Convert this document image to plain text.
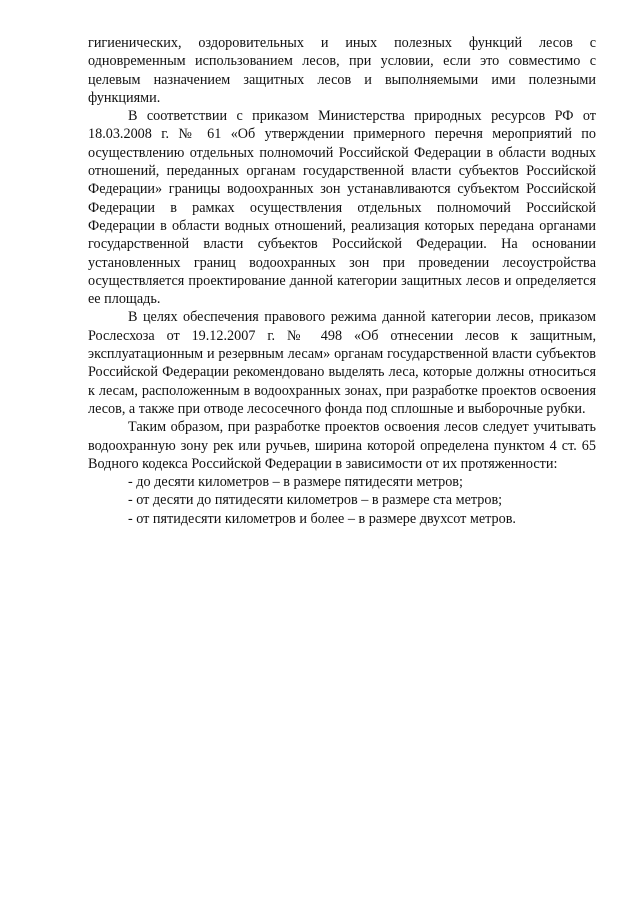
гигиенических, оздоровительных и иных полезных функций лесов с одновременным использованием лесов, при условии, если это совместимо с целевым назначением защитных лесов и выполняемыми ими полезными функциями.

В соответствии с приказом Министерства природных ресурсов РФ от 18.03.2008 г. № 61 «Об утверждении примерного перечня мероприятий по осуществлению отдельных полномочий Российской Федерации в области водных отношений, переданных органам государственной власти субъектов Российской Федерации» границы водоохранных зон устанавливаются субъектом Российской Федерации в рамках осуществления отдельных полномочий Российской Федерации в области водных отношений, реализация которых передана органами государственной власти субъектов Российской Федерации. На основании установленных границ водоохранных зон при проведении лесоустройства осуществляется проектирование данной категории защитных лесов и определяется ее площадь.

В целях обеспечения правового режима данной категории лесов, приказом Рослесхоза от 19.12.2007 г. № 498 «Об отнесении лесов к защитным, эксплуатационным и резервным лесам» органам государственной власти субъектов Российской Федерации рекомендовано выделять леса, которые должны относиться к лесам, расположенным в водоохранных зонах, при разработке проектов освоения лесов, а также при отводе лесосечного фонда под сплошные и выборочные рубки.

Таким образом, при разработке проектов освоения лесов следует учитывать водоохранную зону рек или ручьев, ширина которой определена пунктом 4 ст. 65 Водного кодекса Российской Федерации в зависимости от их протяженности:

- до десяти километров – в размере пятидесяти метров;
- от десяти до пятидесяти километров – в размере ста метров;
- от пятидесяти километров и более – в размере двухсот метров.
